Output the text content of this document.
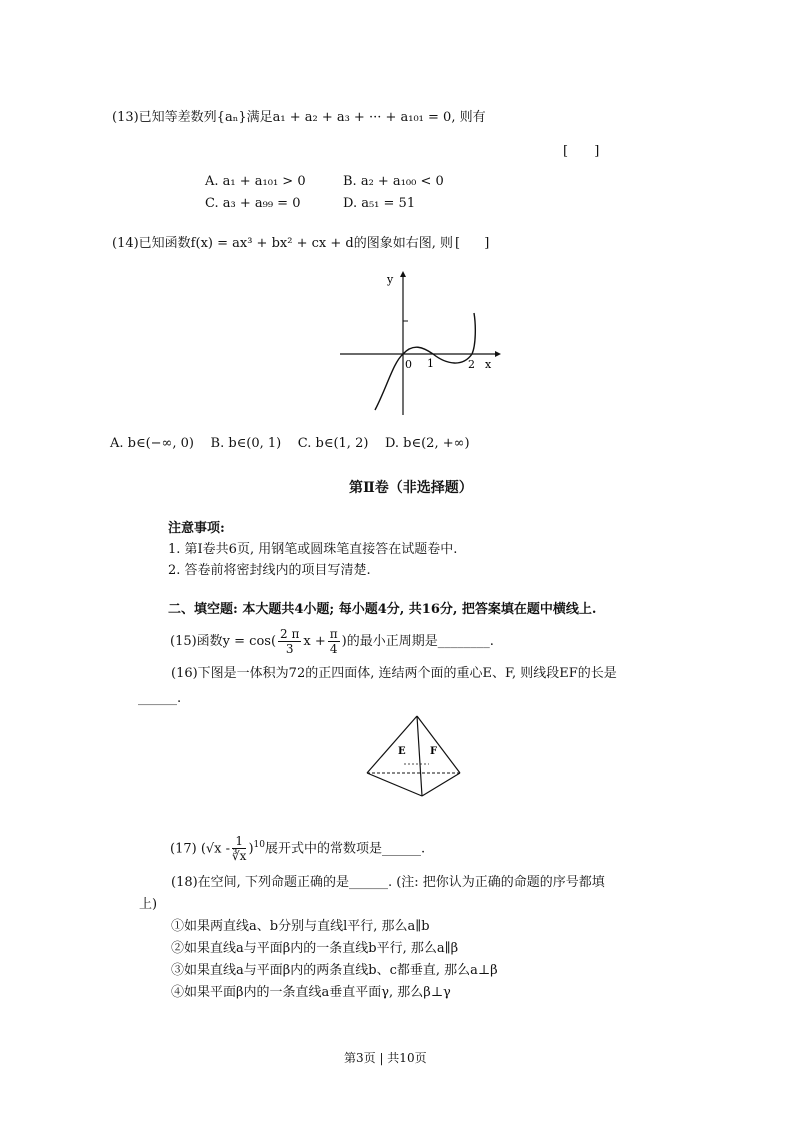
(13)已知等差数列{aₙ}满足a₁ + a₂ + a₃ + ··· + a₁₀₁ = 0, 则有
[ ]
A. a₁ + a₁₀₁ > 0	B. a₂ + a₁₀₀ < 0
C. a₃ + a₉₉ = 0	D. a₅₁ = 51
(14)已知函数f(x) = ax³ + bx² + cx + d的图象如右图, 则 [ ]
y
x
0 1	2
A. b∈(−∞, 0)    B. b∈(0, 1)    C. b∈(1, 2)    D. b∈(2, +∞)
第Ⅱ卷（非选择题）
注意事项:
1. 第Ⅰ卷共6页, 用钢笔或圆珠笔直接答在试题卷中.
2. 答卷前将密封线内的项目写清楚.
二、填空题: 本大题共4小题; 每小题4分, 共16分, 把答案填在题中横线上.
(15)函数$y = \cos( \frac{2 \pi}{3}$ $x + \frac{\pi}{4}$ )的最小正周期是________.
(16)下图是一体积为72的正四面体, 连结两个面的重心E、F, 则线段EF的长是
______.
E F
(17) $(√x - \frac{1}{∛x} )^{10}$展开式中的常数项是______.
(18)在空间, 下列命题正确的是______. (注: 把你认为正确的命题的序号都填
上)
①如果两直线a、b分别与直线l平行, 那么a∥b
②如果直线a与平面β内的一条直线b平行, 那么a∥β
③如果直线a与平面β内的两条直线b、c都垂直, 那么a⊥β
④如果平面β内的一条直线a垂直平面γ, 那么β⊥γ
第3页 | 共10页
